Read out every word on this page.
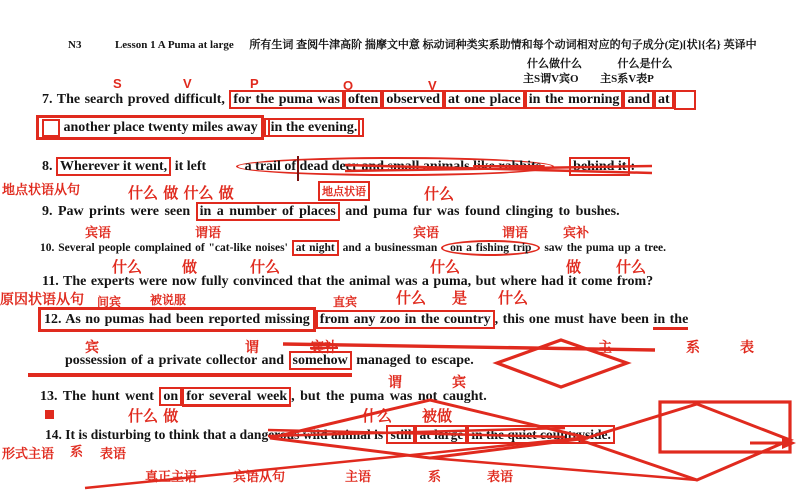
N3	Lesson 1 A Puma at large 所有生词 查阅牛津高阶 揣摩文中意 标动词种类实系助情和每个动词相对应的句子成分(定)[状]{名} 英译中
什么做什么	什么是什么
主S谓V宾O 主S系V表P
S	V	P	O	V
7. The search proved difficult, for the puma was often observed at one place in the morning and at
another place twenty miles away in the evening.
8. Wherever it went, it left	a trail of dead deer and small animals like rabbits. behind it :
地点状语从句	什么 做 什么 做	地点状语	什么
9. Paw prints were seen in a number of places and puma fur was found clinging to bushes.
宾语	谓语	宾语	谓语	宾补
10. Several people complained of "cat-like noises' at night and a businessman on a fishing trip saw the puma up a tree.
什么	做	什么	什么	做 什么
11. The experts were now fully convinced that the animal was a puma, but where had it come from?
原因状语从句 间宾 被说服	直宾	什么 是 什么
12. As no pumas had been reported missing from any zoo in the country , this one must have been in the
宾	谓	宾补	主	系	表
possession of a private collector and somehow managed to escape.
谓	宾
13. The hunt went on for several week , but the puma was not caught.
什么 做	什么 被做
14. It is disturbing to think that a dangerous wild animal is still at large in the quiet countryside.
形式主语 系 表语
真正主语	宾语从句	主语	系	表语
